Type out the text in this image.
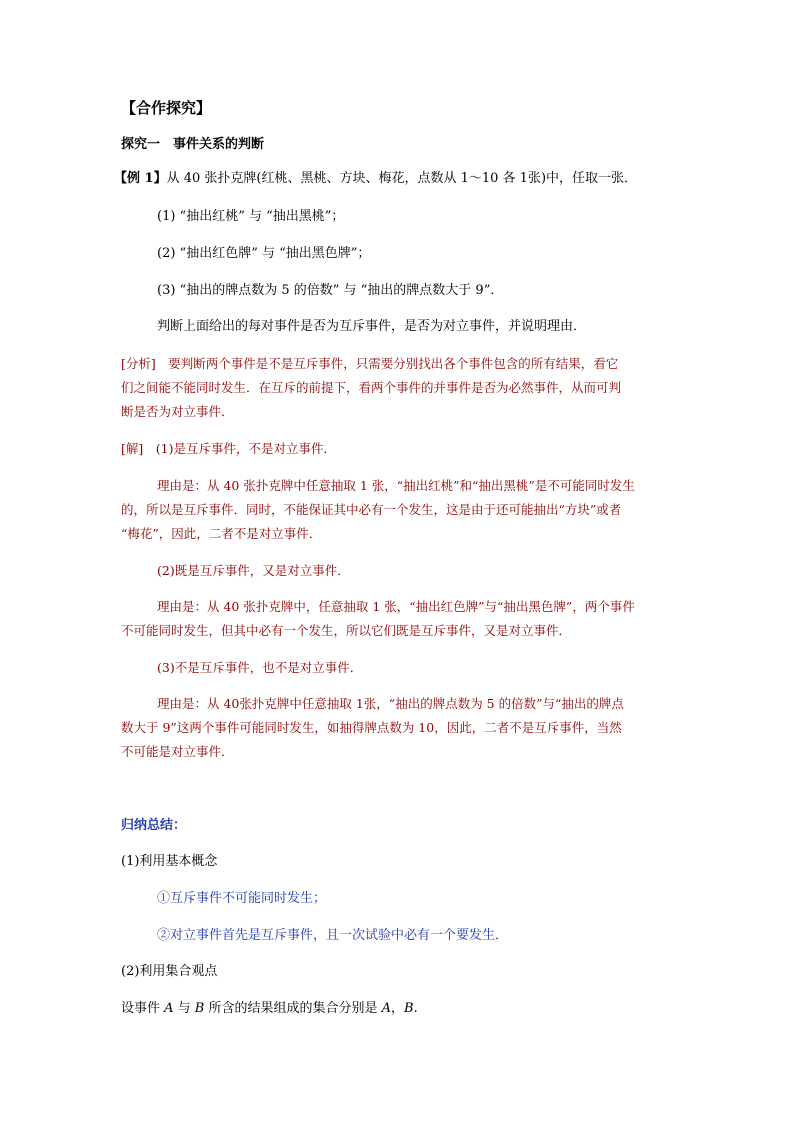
【合作探究】
探究一　事件关系的判断
【例 1】从 40 张扑克牌(红桃、黑桃、方块、梅花，点数从 1～10 各 1张)中，任取一张．
(1) “抽出红桃” 与 “抽出黑桃”；
(2) “抽出红色牌” 与 “抽出黑色牌”；
(3) “抽出的牌点数为 5 的倍数” 与 “抽出的牌点数大于 9”．
判断上面给出的每对事件是否为互斥事件，是否为对立事件，并说明理由．
[分析]　要判断两个事件是不是互斥事件，只需要分别找出各个事件包含的所有结果，看它
们之间能不能同时发生．在互斥的前提下，看两个事件的并事件是否为必然事件，从而可判
断是否为对立事件．
[解]　(1)是互斥事件，不是对立事件．
理由是：从 40 张扑克牌中任意抽取 1 张，“抽出红桃”和“抽出黑桃”是不可能同时发生
的，所以是互斥事件．同时，不能保证其中必有一个发生，这是由于还可能抽出“方块”或者
“梅花”，因此，二者不是对立事件．
(2)既是互斥事件，又是对立事件．
理由是：从 40 张扑克牌中，任意抽取 1 张，“抽出红色牌”与“抽出黑色牌”，两个事件
不可能同时发生，但其中必有一个发生，所以它们既是互斥事件，又是对立事件．
(3)不是互斥事件，也不是对立事件．
理由是：从 40张扑克牌中任意抽取 1张，“抽出的牌点数为 5 的倍数”与“抽出的牌点
数大于 9”这两个事件可能同时发生，如抽得牌点数为 10，因此，二者不是互斥事件，当然
不可能是对立事件．
归纳总结：
(1)利用基本概念
①互斥事件不可能同时发生；
②对立事件首先是互斥事件，且一次试验中必有一个要发生．
(2)利用集合观点
设事件 A 与 B 所含的结果组成的集合分别是 A，B.
